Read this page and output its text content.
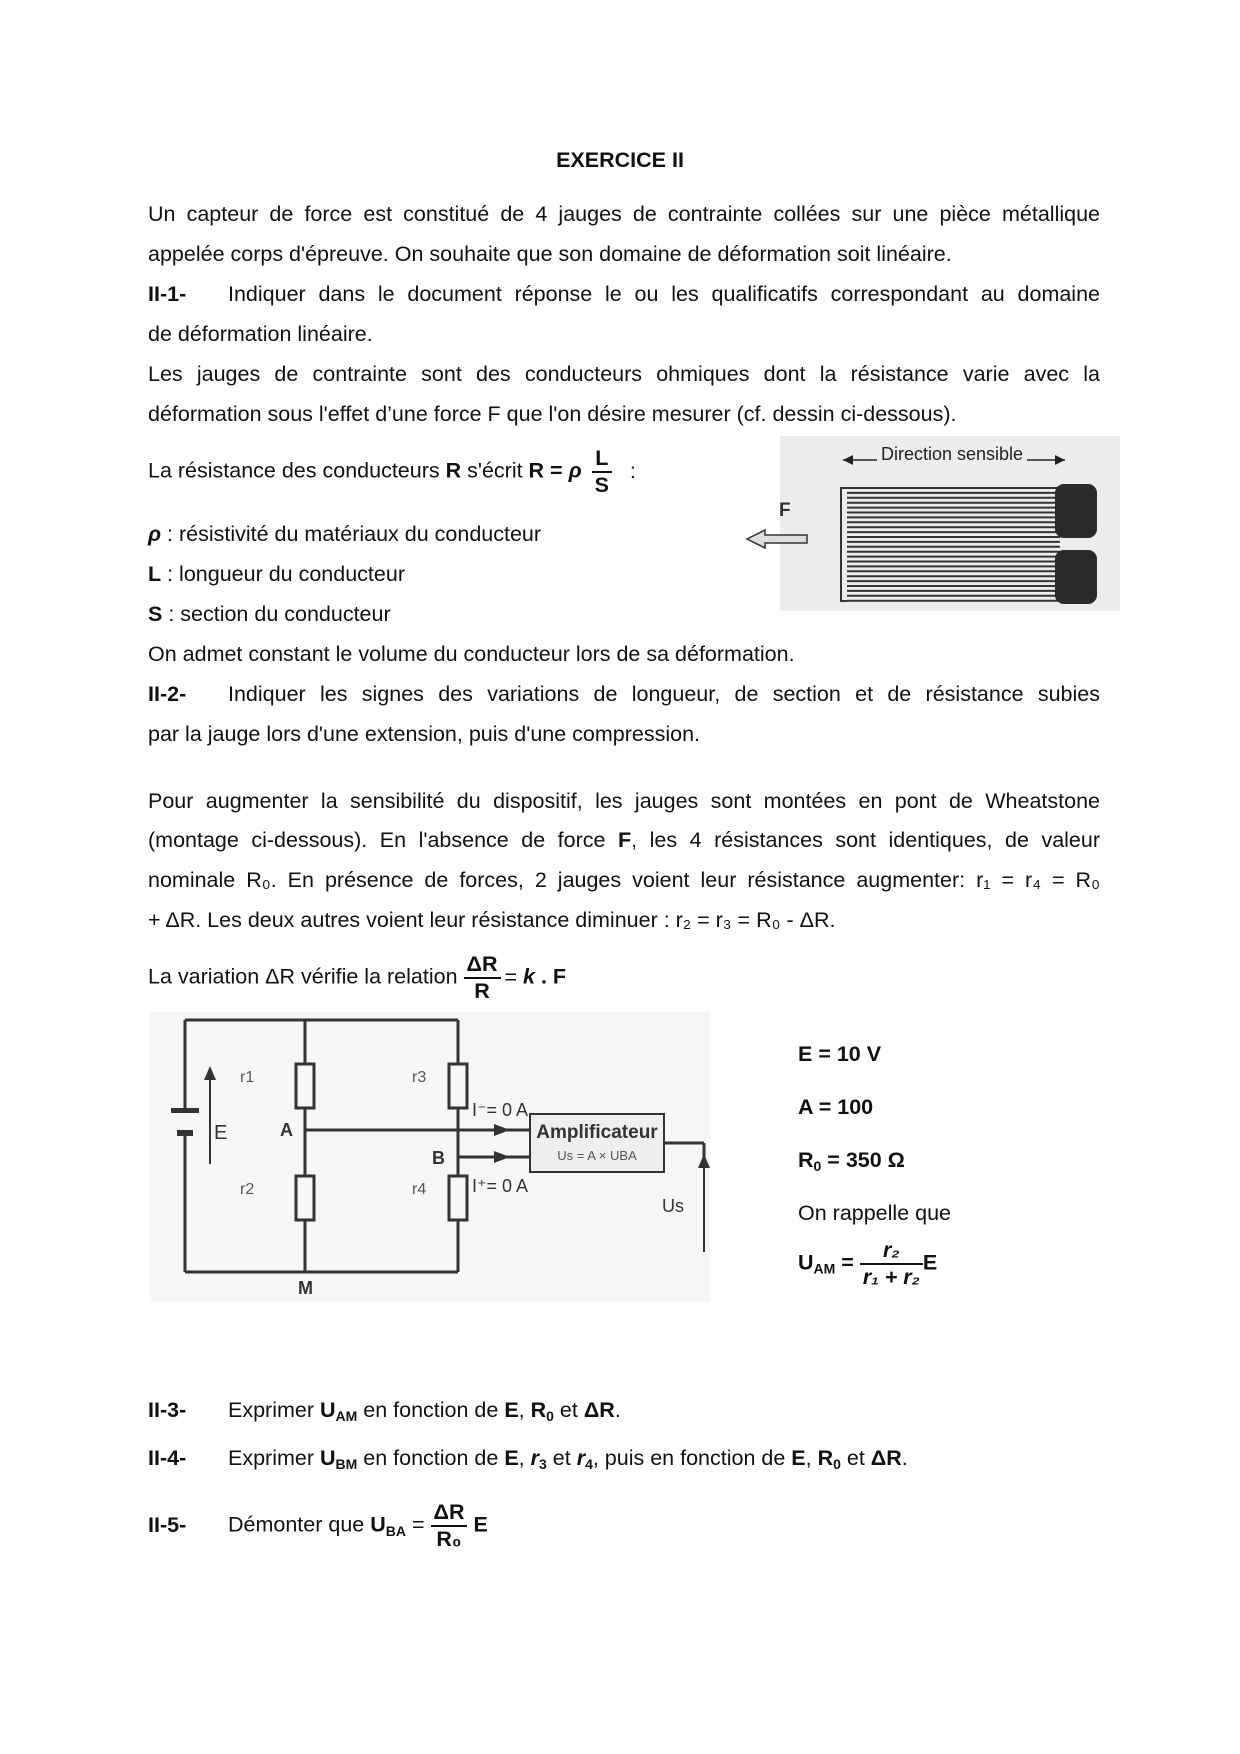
EXERCICE II
Un capteur de force est constitué de 4 jauges de contrainte collées sur une pièce métallique
appelée corps d'épreuve. On souhaite que son domaine de déformation soit linéaire.
II-1-	Indiquer dans le document réponse le ou les qualificatifs correspondant au domaine
de déformation linéaire.
Les jauges de contrainte sont des conducteurs ohmiques dont la résistance varie avec la
déformation sous l'effet d’une force F que l'on désire mesurer (cf. dessin ci-dessous).
La résistance des conducteurs R s'écrit R = ρ $\frac{L}{S}$ :
ρ : résistivité du matériaux du conducteur
L : longueur du conducteur
S : section du conducteur
Direction sensible
F
On admet constant le volume du conducteur lors de sa déformation.
II-2-	Indiquer les signes des variations de longueur, de section et de résistance subies
par la jauge lors d'une extension, puis d'une compression.
Pour augmenter la sensibilité du dispositif, les jauges sont montées en pont de Wheatstone
(montage ci-dessous). En l'absence de force F, les 4 résistances sont identiques, de valeur
nominale R₀. En présence de forces, 2 jauges voient leur résistance augmenter: r₁ = r₄ = R₀
+ ΔR. Les deux autres voient leur résistance diminuer : r₂ = r₃ = R₀ - ΔR.
La variation ΔR vérifie la relation $\frac{\Delta R}{R} = k$ . F
E
r1
r2
r3
r4
A
B
M
I⁻= 0 A
I⁺= 0 A
Amplificateur
Us = A × UBA
Us
E = 10 V
A = 100
$R_0 = 350$ Ω
On rappelle que
$U_{AM} = \frac{\text{r₂}}{\text{r₁ + r₂}}$ E
II-3- Exprimer $U_{AM}$ en fonction de E, $R_0$ et ΔR.
II-4- Exprimer $U_{BM}$ en fonction de E, $r_3$ et $r_4$, puis en fonction de E, $R_0$ et ΔR.
II-5- Démonter que $U_{BA} = \frac{\Delta R}{\text{R₀}}$ E
